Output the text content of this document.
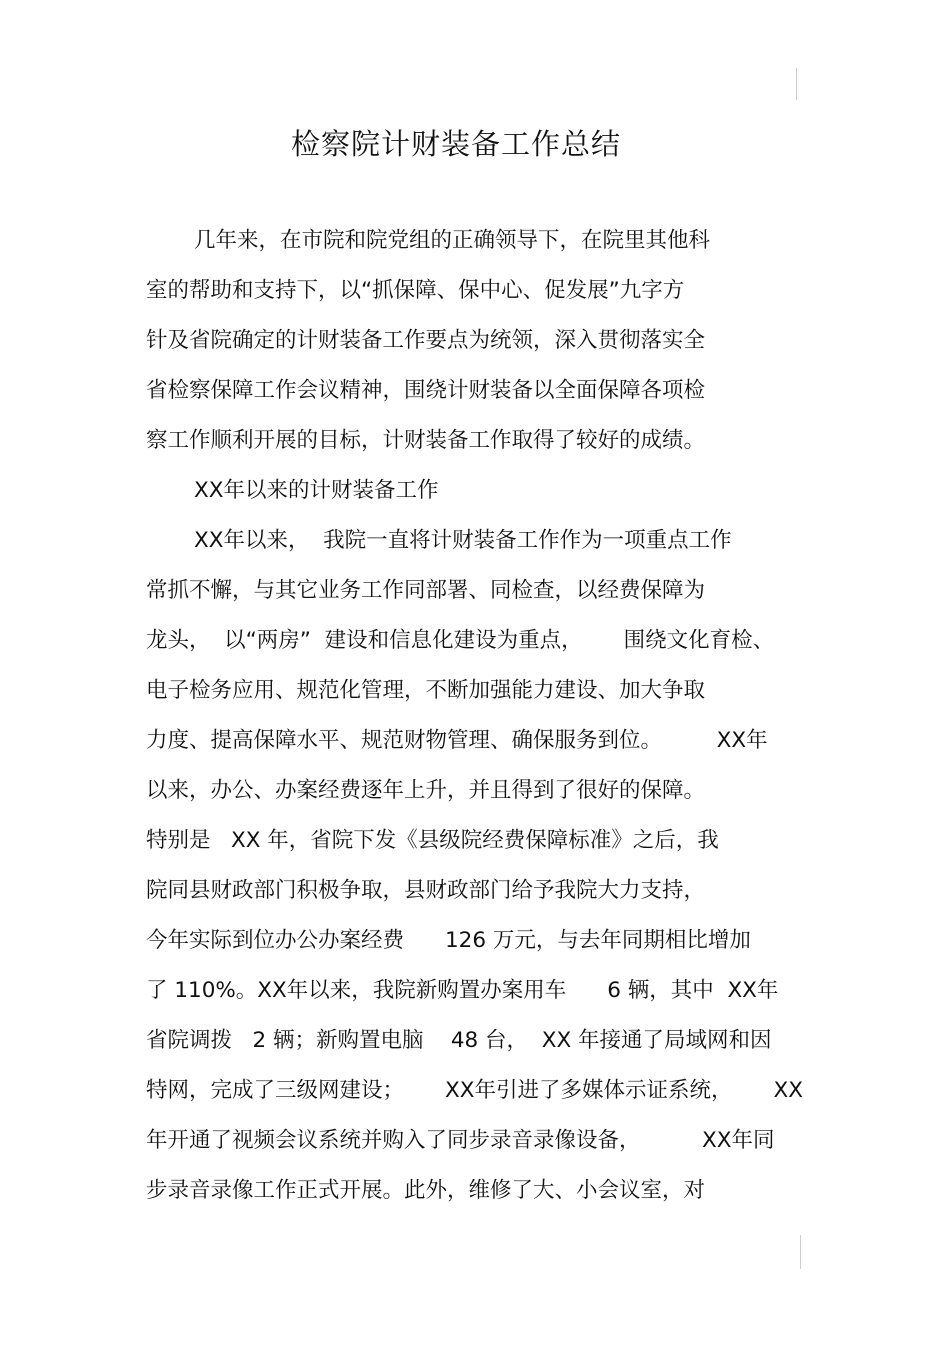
检察院计财装备工作总结

几年来，在市院和院党组的正确领导下，在院里其他科

室的帮助和支持下，以“抓保障、保中心、促发展”九字方

针及省院确定的计财装备工作要点为统领，深入贯彻落实全

省检察保障工作会议精神，围绕计财装备以全面保障各项检

察工作顺利开展的目标，计财装备工作取得了较好的成绩。

XX年以来的计财装备工作

XX年以来，  我院一直将计财装备工作作为一项重点工作

常抓不懈，与其它业务工作同部署、同检查，以经费保障为

龙头，  以“两房”  建设和信息化建设为重点，      围绕文化育检、

电子检务应用、规范化管理，不断加强能力建设、加大争取

力度、提高保障水平、规范财物管理、确保服务到位。        XX年

以来，办公、办案经费逐年上升，并且得到了很好的保障。

特别是   XX 年，省院下发《县级院经费保障标准》之后，我

院同县财政部门积极争取，县财政部门给予我院大力支持，

今年实际到位办公办案经费      126 万元，与去年同期相比增加

了 110%。XX年以来，我院新购置办案用车      6 辆，其中  XX年

省院调拨   2 辆；新购置电脑    48 台，  XX 年接通了局域网和因

特网，完成了三级网建设；      XX年引进了多媒体示证系统，      XX

年开通了视频会议系统并购入了同步录音录像设备，         XX年同

步录音录像工作正式开展。此外，维修了大、小会议室，对
